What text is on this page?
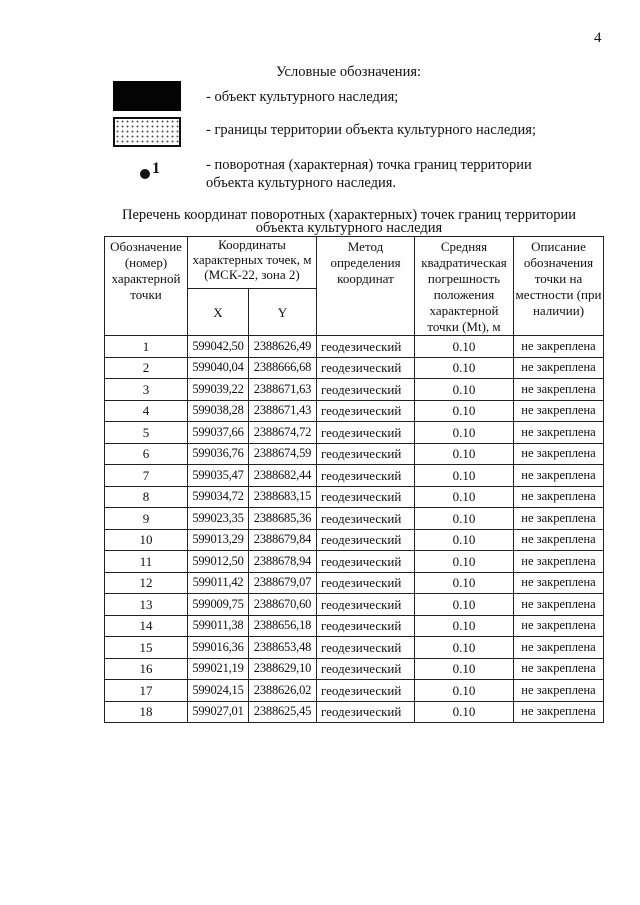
4
Условные обозначения:
- объект культурного наследия;
- границы территории объекта культурного наследия;
1	- поворотная (характерная) точка границ территории объекта культурного наследия.
Перечень координат поворотных (характерных) точек границ территории объекта культурного наследия
Обозначение (номер) характерной точки	Координаты характерных точек, м (МСК-22, зона 2)		Метод определения координат	Средняя квадратическая погрешность положения характерной точки (Mt), м	Описание обозначения точки на местности (при наличии)
	X	Y			
1	599042,50	2388626,49	геодезический	0.10	не закреплена
2	599040,04	2388666,68	геодезический	0.10	не закреплена
3	599039,22	2388671,63	геодезический	0.10	не закреплена
4	599038,28	2388671,43	геодезический	0.10	не закреплена
5	599037,66	2388674,72	геодезический	0.10	не закреплена
6	599036,76	2388674,59	геодезический	0.10	не закреплена
7	599035,47	2388682,44	геодезический	0.10	не закреплена
8	599034,72	2388683,15	геодезический	0.10	не закреплена
9	599023,35	2388685,36	геодезический	0.10	не закреплена
10	599013,29	2388679,84	геодезический	0.10	не закреплена
11	599012,50	2388678,94	геодезический	0.10	не закреплена
12	599011,42	2388679,07	геодезический	0.10	не закреплена
13	599009,75	2388670,60	геодезический	0.10	не закреплена
14	599011,38	2388656,18	геодезический	0.10	не закреплена
15	599016,36	2388653,48	геодезический	0.10	не закреплена
16	599021,19	2388629,10	геодезический	0.10	не закреплена
17	599024,15	2388626,02	геодезический	0.10	не закреплена
18	599027,01	2388625,45	геодезический	0.10	не закреплена
